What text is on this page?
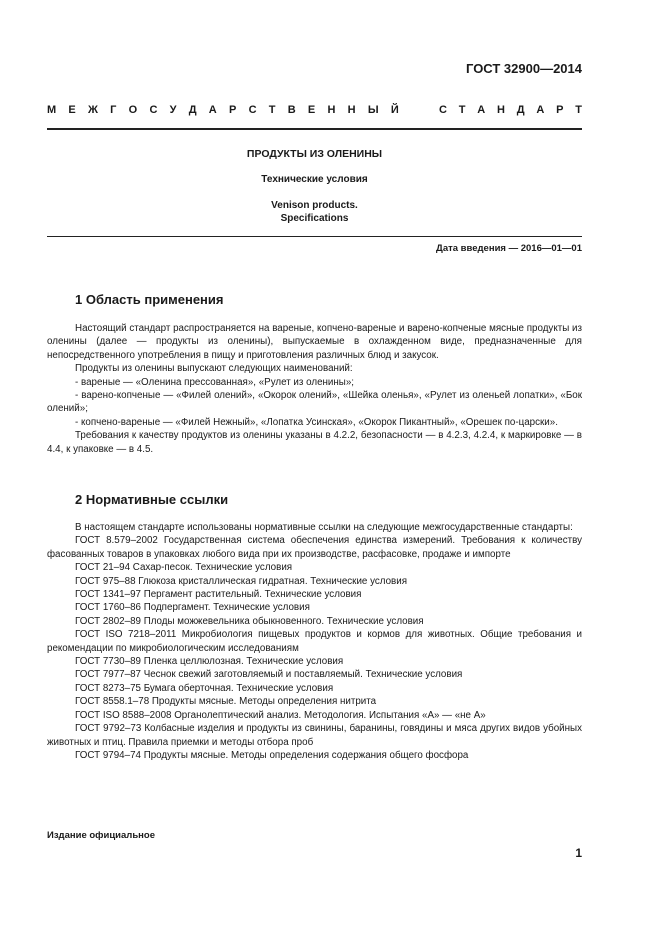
ГОСТ 32900—2014
М Е Ж Г О С У Д А Р С Т В Е Н Н Ы Й	С Т А Н Д А Р Т
ПРОДУКТЫ ИЗ ОЛЕНИНЫ
Технические условия
Venison products.
Specifications
Дата введения — 2016—01—01
1 Область применения

Настоящий стандарт распространяется на вареные, копчено-вареные и варено-копченые мясные продукты из оленины (далее — продукты из оленины), выпускаемые в охлажденном виде, предназначенные для непосредственного употребления в пищу и приготовления различных блюд и закусок.

Продукты из оленины выпускают следующих наименований:

- вареные — «Оленина прессованная», «Рулет из оленины»;

- варено-копченые — «Филей олений», «Окорок олений», «Шейка оленья», «Рулет из оленьей лопатки», «Бок олений»;

- копчено-вареные — «Филей Нежный», «Лопатка Усинская», «Окорок Пикантный», «Орешек по-царски».

Требования к качеству продуктов из оленины указаны в 4.2.2, безопасности — в 4.2.3, 4.2.4, к маркировке — в 4.4, к упаковке — в 4.5.

2 Нормативные ссылки

В настоящем стандарте использованы нормативные ссылки на следующие межгосударственные стандарты:

ГОСТ 8.579–2002 Государственная система обеспечения единства измерений. Требования к количеству фасованных товаров в упаковках любого вида при их производстве, расфасовке, продаже и импорте

ГОСТ 21–94 Сахар-песок. Технические условия

ГОСТ 975–88 Глюкоза кристаллическая гидратная. Технические условия

ГОСТ 1341–97 Пергамент растительный. Технические условия

ГОСТ 1760–86 Подпергамент. Технические условия

ГОСТ 2802–89 Плоды можжевельника обыкновенного. Технические условия

ГОСТ ISO 7218–2011 Микробиология пищевых продуктов и кормов для животных. Общие требования и рекомендации по микробиологическим исследованиям

ГОСТ 7730–89 Пленка целлюлозная. Технические условия

ГОСТ 7977–87 Чеснок свежий заготовляемый и поставляемый. Технические условия

ГОСТ 8273–75 Бумага оберточная. Технические условия

ГОСТ 8558.1–78 Продукты мясные. Методы определения нитрита

ГОСТ ISO 8588–2008 Органолептический анализ. Методология. Испытания «А» — «не А»

ГОСТ 9792–73 Колбасные изделия и продукты из свинины, баранины, говядины и мяса других видов убойных животных и птиц. Правила приемки и методы отбора проб

ГОСТ 9794–74 Продукты мясные. Методы определения содержания общего фосфора

Издание официальное
1
